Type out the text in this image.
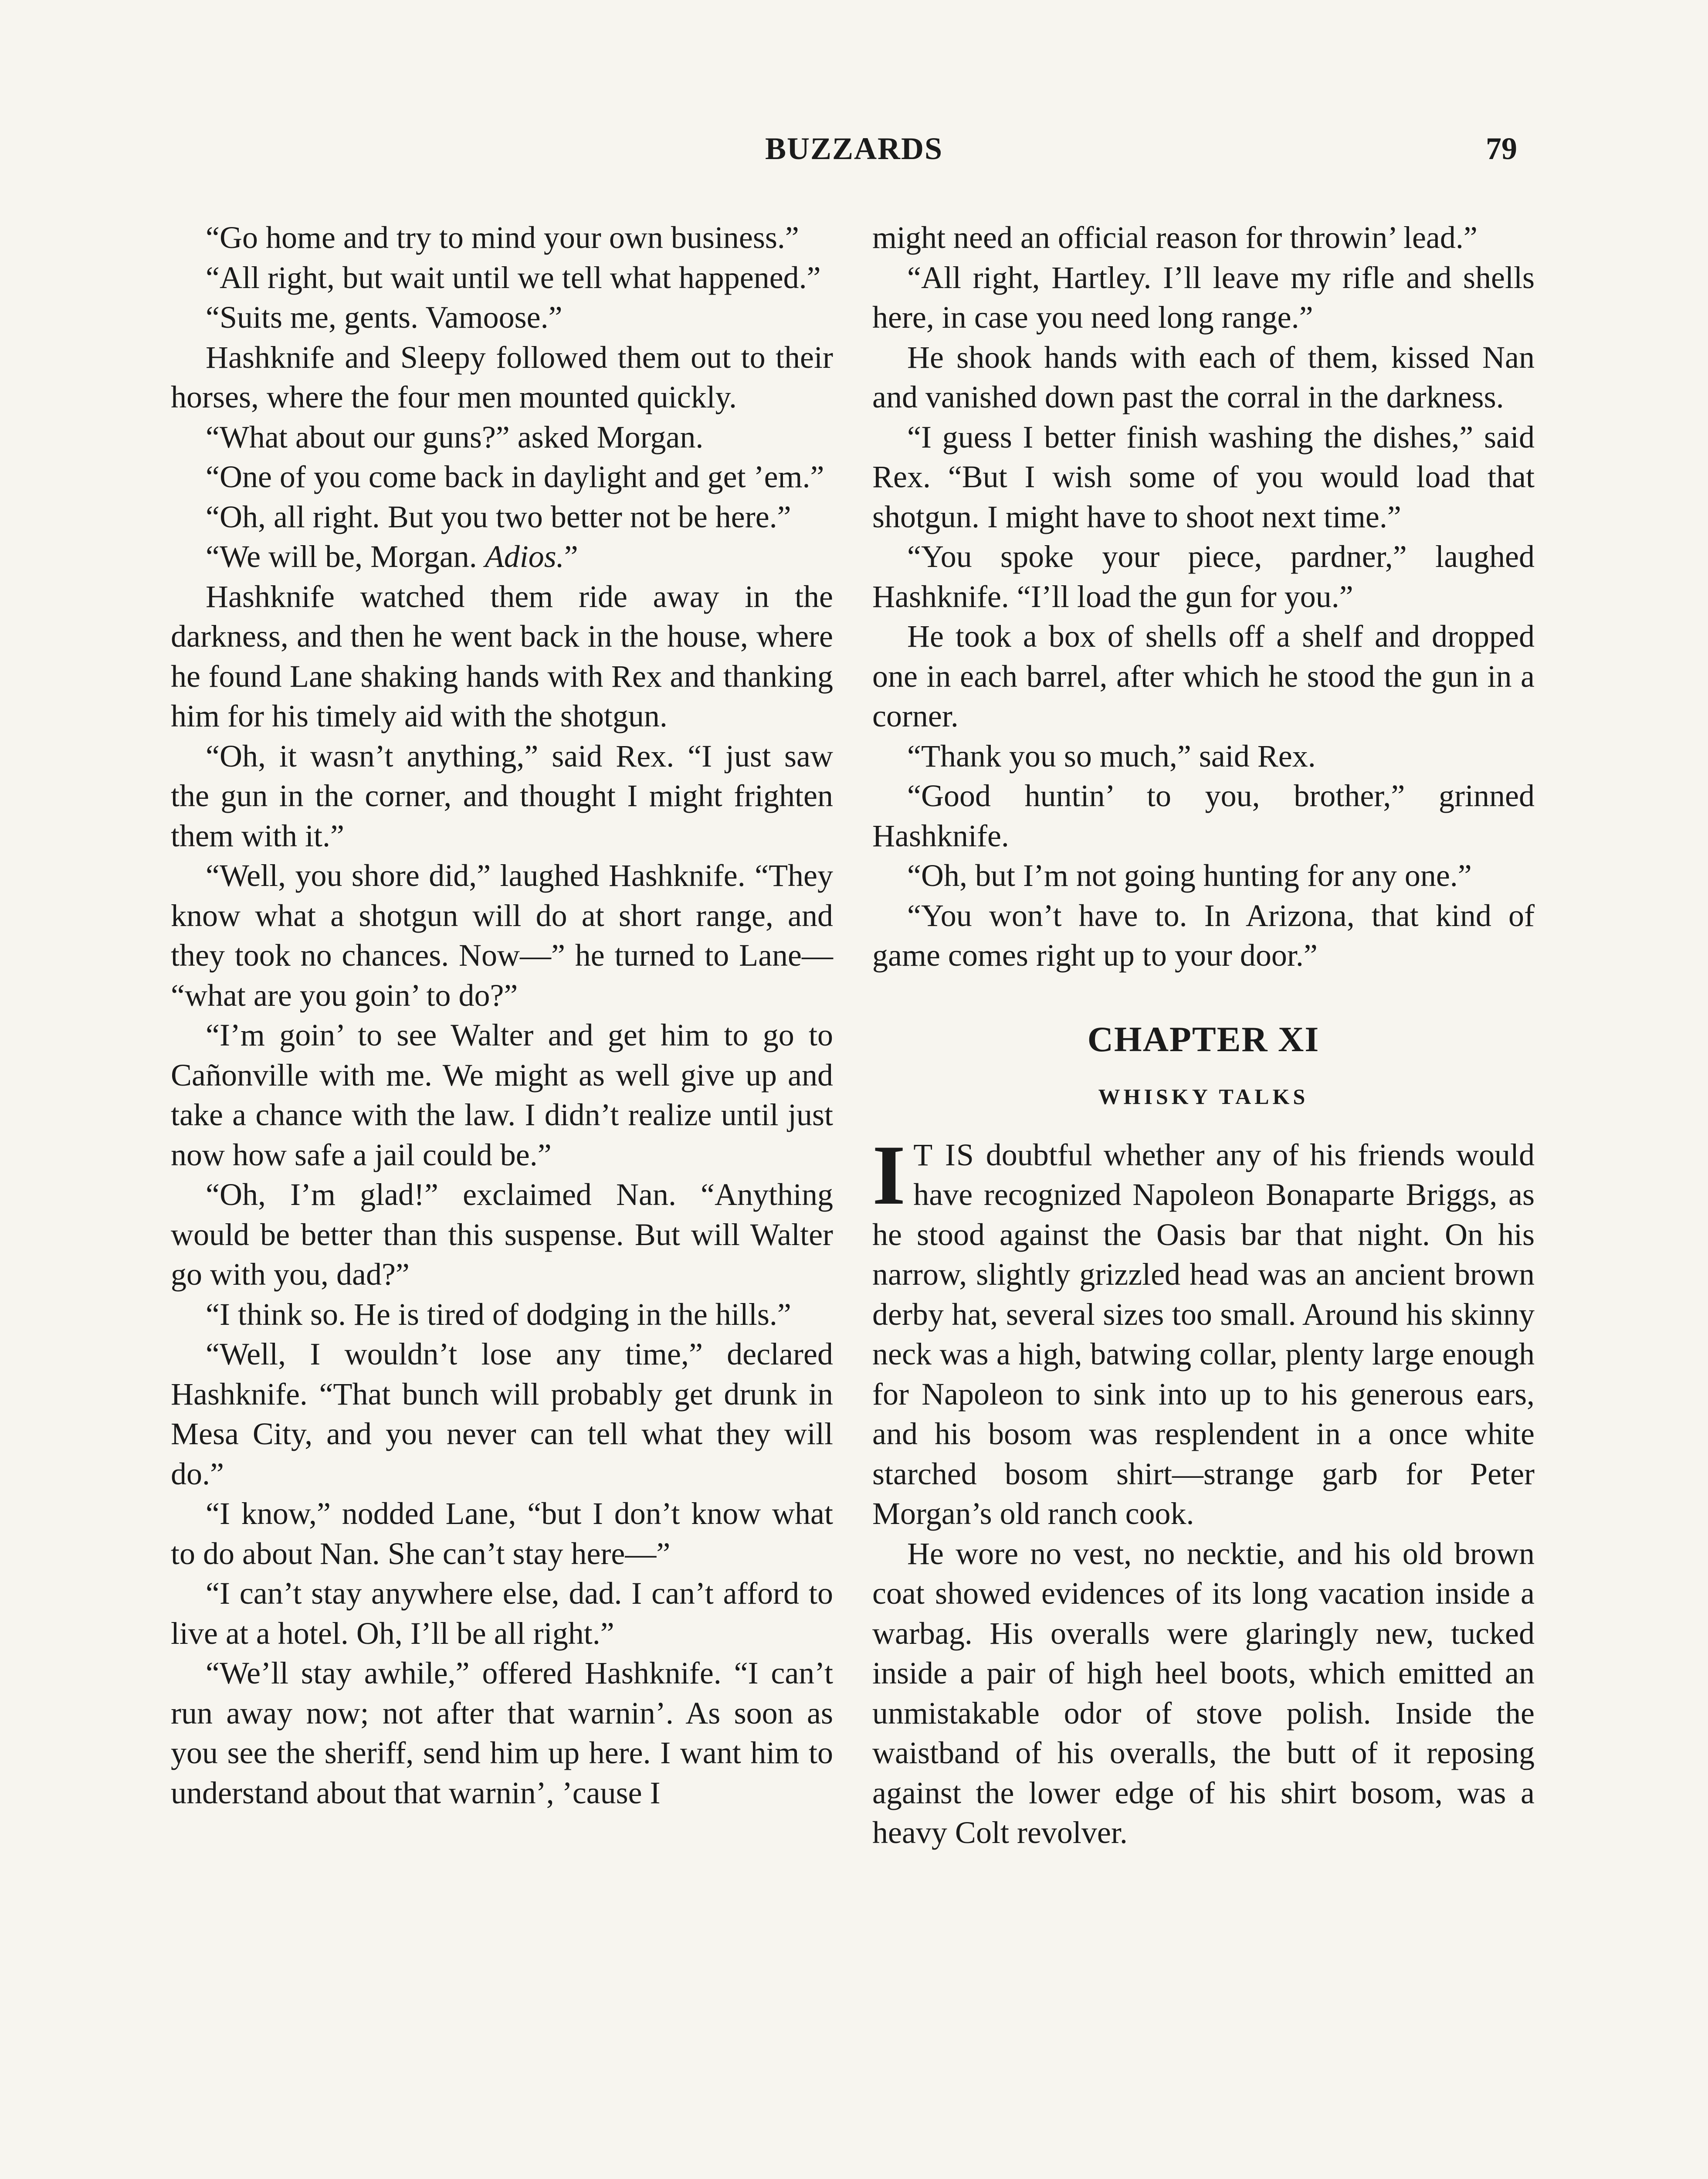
BUZZARDS	79

“Go home and try to mind your own business.”

“All right, but wait until we tell what happened.”

“Suits me, gents. Vamoose.”

Hashknife and Sleepy followed them out to their horses, where the four men mounted quickly.

“What about our guns?” asked Morgan.

“One of you come back in daylight and get ’em.”

“Oh, all right. But you two better not be here.”

“We will be, Morgan. Adios.”

Hashknife watched them ride away in the darkness, and then he went back in the house, where he found Lane shaking hands with Rex and thanking him for his timely aid with the shotgun.

“Oh, it wasn’t anything,” said Rex. “I just saw the gun in the corner, and thought I might frighten them with it.”

“Well, you shore did,” laughed Hashknife. “They know what a shotgun will do at short range, and they took no chances. Now—” he turned to Lane— “what are you goin’ to do?”

“I’m goin’ to see Walter and get him to go to Cañonville with me. We might as well give up and take a chance with the law. I didn’t realize until just now how safe a jail could be.”

“Oh, I’m glad!” exclaimed Nan. “Anything would be better than this suspense. But will Walter go with you, dad?”

“I think so. He is tired of dodging in the hills.”

“Well, I wouldn’t lose any time,” declared Hashknife. “That bunch will probably get drunk in Mesa City, and you never can tell what they will do.”

“I know,” nodded Lane, “but I don’t know what to do about Nan. She can’t stay here—”

“I can’t stay anywhere else, dad. I can’t afford to live at a hotel. Oh, I’ll be all right.”

“We’ll stay awhile,” offered Hashknife. “I can’t run away now; not after that warnin’. As soon as you see the sheriff, send him up here. I want him to understand about that warnin’, ’cause I

might need an official reason for throwin’ lead.”

“All right, Hartley. I’ll leave my rifle and shells here, in case you need long range.”

He shook hands with each of them, kissed Nan and vanished down past the corral in the darkness.

“I guess I better finish washing the dishes,” said Rex. “But I wish some of you would load that shotgun. I might have to shoot next time.”

“You spoke your piece, pardner,” laughed Hashknife. “I’ll load the gun for you.”

He took a box of shells off a shelf and dropped one in each barrel, after which he stood the gun in a corner.

“Thank you so much,” said Rex.

“Good huntin’ to you, brother,” grinned Hashknife.

“Oh, but I’m not going hunting for any one.”

“You won’t have to. In Arizona, that kind of game comes right up to your door.”

CHAPTER XI
WHISKY TALKS

I T IS doubtful whether any of his friends would have recognized Napoleon Bonaparte Briggs, as he stood against the Oasis bar that night. On his narrow, slightly grizzled head was an ancient brown derby hat, several sizes too small. Around his skinny neck was a high, batwing collar, plenty large enough for Napoleon to sink into up to his generous ears, and his bosom was resplendent in a once white starched bosom shirt—strange garb for Peter Morgan’s old ranch cook.

He wore no vest, no necktie, and his old brown coat showed evidences of its long vacation inside a warbag. His overalls were glaringly new, tucked inside a pair of high heel boots, which emitted an unmistakable odor of stove polish. Inside the waistband of his overalls, the butt of it reposing against the lower edge of his shirt bosom, was a heavy Colt revolver.
